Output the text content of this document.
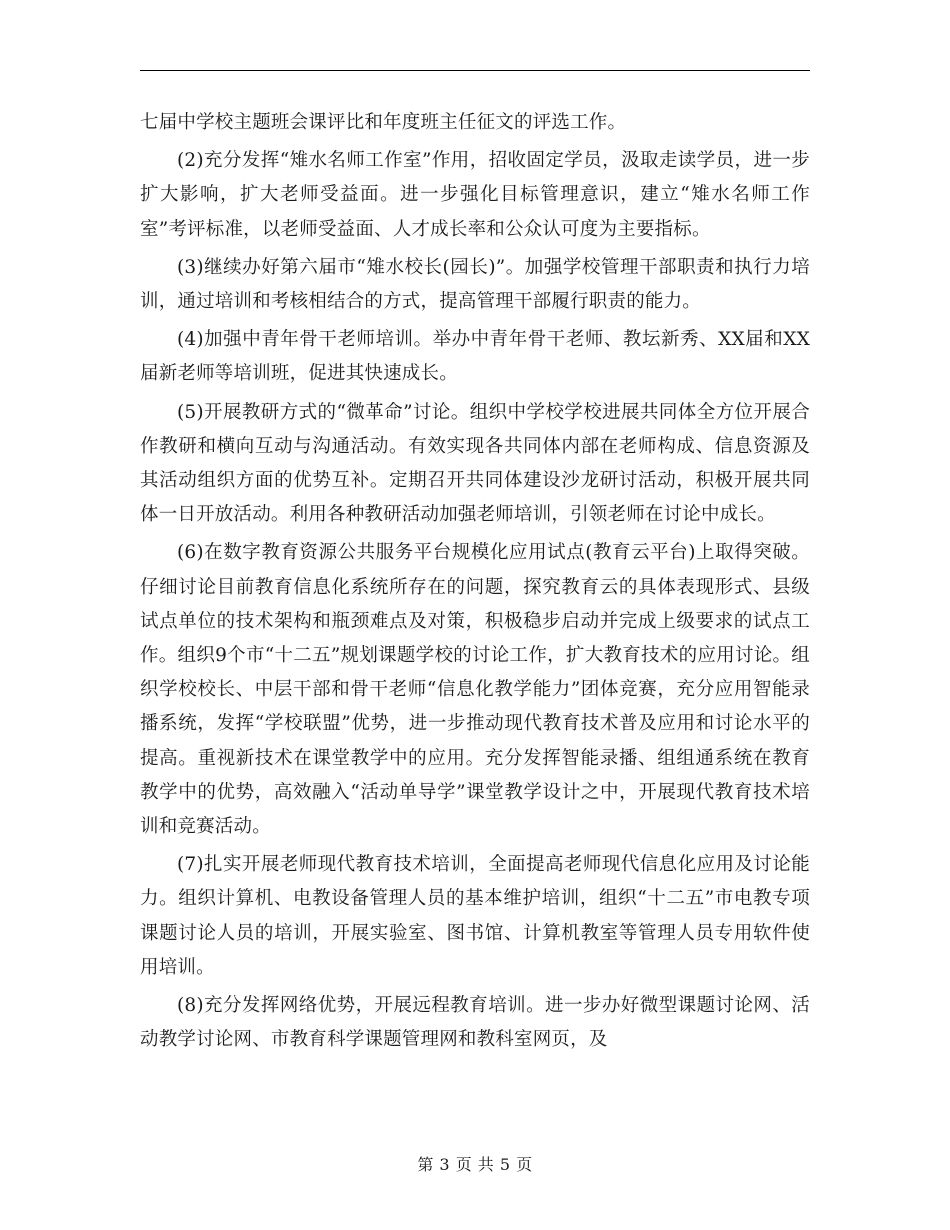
七届中学校主题班会课评比和年度班主任征文的评选工作。

(2)充分发挥“雉水名师工作室”作用，招收固定学员，汲取走读学员，进一步扩大影响，扩大老师受益面。进一步强化目标管理意识，建立“雉水名师工作室”考评标准，以老师受益面、人才成长率和公众认可度为主要指标。

(3)继续办好第六届市“雉水校长(园长)”。加强学校管理干部职责和执行力培训，通过培训和考核相结合的方式，提高管理干部履行职责的能力。

(4)加强中青年骨干老师培训。举办中青年骨干老师、教坛新秀、XX届和XX届新老师等培训班，促进其快速成长。

(5)开展教研方式的“微革命”讨论。组织中学校学校进展共同体全方位开展合作教研和横向互动与沟通活动。有效实现各共同体内部在老师构成、信息资源及其活动组织方面的优势互补。定期召开共同体建设沙龙研讨活动，积极开展共同体一日开放活动。利用各种教研活动加强老师培训，引领老师在讨论中成长。

(6)在数字教育资源公共服务平台规模化应用试点(教育云平台)上取得突破。仔细讨论目前教育信息化系统所存在的问题，探究教育云的具体表现形式、县级试点单位的技术架构和瓶颈难点及对策，积极稳步启动并完成上级要求的试点工作。组织9个市“十二五”规划课题学校的讨论工作，扩大教育技术的应用讨论。组织学校校长、中层干部和骨干老师“信息化教学能力”团体竞赛，充分应用智能录播系统，发挥“学校联盟”优势，进一步推动现代教育技术普及应用和讨论水平的提高。重视新技术在课堂教学中的应用。充分发挥智能录播、组组通系统在教育教学中的优势，高效融入“活动单导学”课堂教学设计之中，开展现代教育技术培训和竞赛活动。

(7)扎实开展老师现代教育技术培训，全面提高老师现代信息化应用及讨论能力。组织计算机、电教设备管理人员的基本维护培训，组织“十二五”市电教专项课题讨论人员的培训，开展实验室、图书馆、计算机教室等管理人员专用软件使用培训。

(8)充分发挥网络优势，开展远程教育培训。进一步办好微型课题讨论网、活动教学讨论网、市教育科学课题管理网和教科室网页，及

第 3 页 共 5 页
